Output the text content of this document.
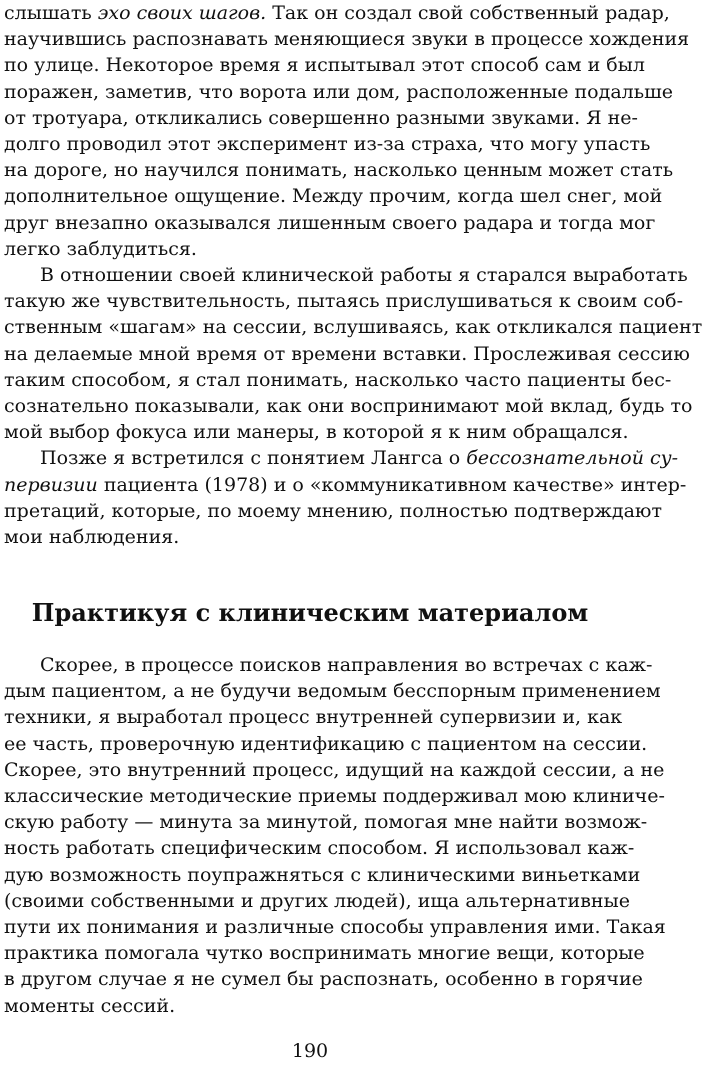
слышать эхо своих шагов. Так он создал свой собственный радар,
научившись распознавать меняющиеся звуки в процессе хождения
по улице. Некоторое время я испытывал этот способ сам и был
поражен, заметив, что ворота или дом, расположенные подальше
от тротуара, откликались совершенно разными звуками. Я не-
долго проводил этот эксперимент из-за страха, что могу упасть
на дороге, но научился понимать, насколько ценным может стать
дополнительное ощущение. Между прочим, когда шел снег, мой
друг внезапно оказывался лишенным своего радара и тогда мог
легко заблудиться.
В отношении своей клинической работы я старался выработать
такую же чувствительность, пытаясь прислушиваться к своим соб-
ственным «шагам» на сессии, вслушиваясь, как откликался пациент
на делаемые мной время от времени вставки. Прослеживая сессию
таким способом, я стал понимать, насколько часто пациенты бес-
сознательно показывали, как они воспринимают мой вклад, будь то
мой выбор фокуса или манеры, в которой я к ним обращался.
Позже я встретился с понятием Лангса о бессознательной су-
первизии пациента (1978) и о «коммуникативном качестве» интер-
претаций, которые, по моему мнению, полностью подтверждают
мои наблюдения.
Практикуя с клиническим материалом
Скорее, в процессе поисков направления во встречах с каж-
дым пациентом, а не будучи ведомым бесспорным применением
техники, я выработал процесс внутренней супервизии и, как
ее часть, проверочную идентификацию с пациентом на сессии.
Скорее, это внутренний процесс, идущий на каждой сессии, а не
классические методические приемы поддерживал мою клиниче-
скую работу — минута за минутой, помогая мне найти возмож-
ность работать специфическим способом. Я использовал каж-
дую возможность поупражняться с клиническими виньетками
(своими собственными и других людей), ища альтернативные
пути их понимания и различные способы управления ими. Такая
практика помогала чутко воспринимать многие вещи, которые
в другом случае я не сумел бы распознать, особенно в горячие
моменты сессий.
190
